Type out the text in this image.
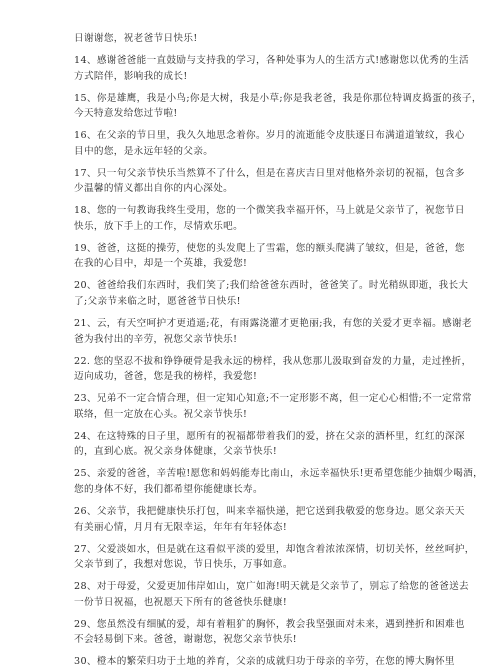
日谢谢您，祝老爸节日快乐!
14、感谢爸爸能一直鼓励与支持我的学习，各种处事为人的生活方式!感谢您以优秀的生活
方式陪伴，影响我的成长!
15、你是雄鹰，我是小鸟;你是大树，我是小草;你是我老爸，我是你那位特调皮捣蛋的孩子，
今天特意发给您过节啦!
16、在父亲的节日里，我久久地思念着你。岁月的流逝能令皮肤逐日布满道道皱纹，我心
目中的您，是永远年轻的父亲。
17、只一句父亲节快乐当然算不了什么，但是在喜庆吉日里对他格外亲切的祝福，包含多
少温馨的情义都出自你的内心深处。
18、您的一句教诲我终生受用，您的一个微笑我幸福开怀，马上就是父亲节了，祝您节日
快乐，放下手上的工作，尽情欢乐吧。
19、爸爸，这挺的操劳，使您的头发爬上了雪霜，您的额头爬满了皱纹，但是，爸爸，您
在我的心目中，却是一个英雄，我爱您!
20、爸爸给我们东西时，我们笑了;我们给爸爸东西时，爸爸笑了。时光稍纵即逝，我长大
了;父亲节来临之时，愿爸爸节日快乐!
21、云，有天空呵护才更逍遥;花，有雨露浇灌才更艳丽;我，有您的关爱才更幸福。感谢老
爸为我付出的辛劳，祝您父亲节快乐!
22. 您的坚忍不拔和铮铮硬骨是我永远的榜样，我从您那儿汲取到奋发的力量，走过挫折，
迈向成功，爸爸，您是我的榜样，我爱您!
23、兄弟不一定合情合理，但一定知心知意;不一定形影不离，但一定心心相惜;不一定常常
联络，但一定放在心头。祝父亲节快乐!
24、在这特殊的日子里，愿所有的祝福都带着我们的爱，挤在父亲的酒杯里，红红的深深
的，直到心底。祝父亲身体健康，父亲节快乐!
25、亲爱的爸爸，辛苦啦!愿您和妈妈能寿比南山，永远幸福快乐!更希望您能少抽烟少喝酒，
您的身体不好，我们都希望你能健康长寿。
26、父亲节，我把健康快乐打包，叫来幸福快递，把它送到我敬爱的您身边。愿父亲天天
有美丽心情，月月有无限幸运，年年有年轻体态!
27、父爱淡如水，但是就在这看似平淡的爱里，却饱含着浓浓深情，切切关怀，丝丝呵护，
父亲节到了，我想对您说，节日快乐，万事如意。
28、对于母爱，父爱更加伟岸如山，宽广如海!明天就是父亲节了，别忘了给您的爸爸送去
一份节日祝福，也祝愿天下所有的爸爸快乐健康!
29、您虽然没有细腻的爱，却有着粗犷的胸怀，教会我坚强面对未来，遇到挫折和困难也
不会轻易倒下来。爸爸，谢谢您，祝您父亲节快乐!
30、橙本的繁荣归功于土地的养育，父亲的成就归功于母亲的辛劳，在您的博大胸怀里
